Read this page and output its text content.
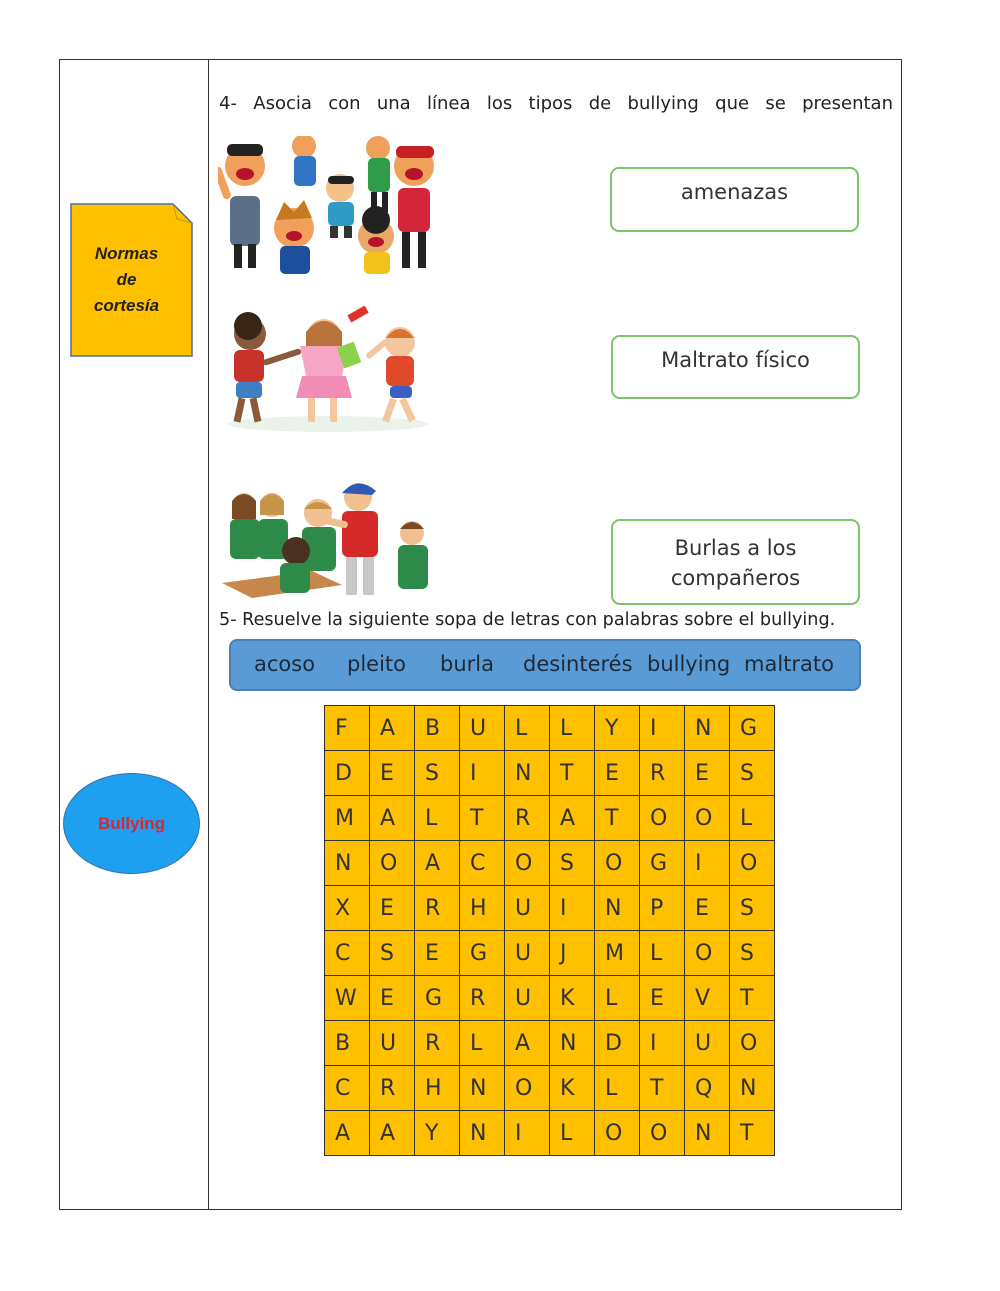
Normas
de
cortesía
Bullying
4- Asocia con una línea los tipos de bullying que se presentan
amenazas
Maltrato físico
Burlas a los
compañeros
5- Resuelve la siguiente sopa de letras con palabras sobre el bullying.
acoso pleito burla desinterés bullying maltrato
F	A	B	U	L	L	Y	I	N	G
D	E	S	I	N	T	E	R	E	S
M	A	L	T	R	A	T	O	O	L
N	O	A	C	O	S	O	G	I	O
X	E	R	H	U	I	N	P	E	S
C	S	E	G	U	J	M	L	O	S
W	E	G	R	U	K	L	E	V	T
B	U	R	L	A	N	D	I	U	O
C	R	H	N	O	K	L	T	Q	N
A	A	Y	N	I	L	O	O	N	T
